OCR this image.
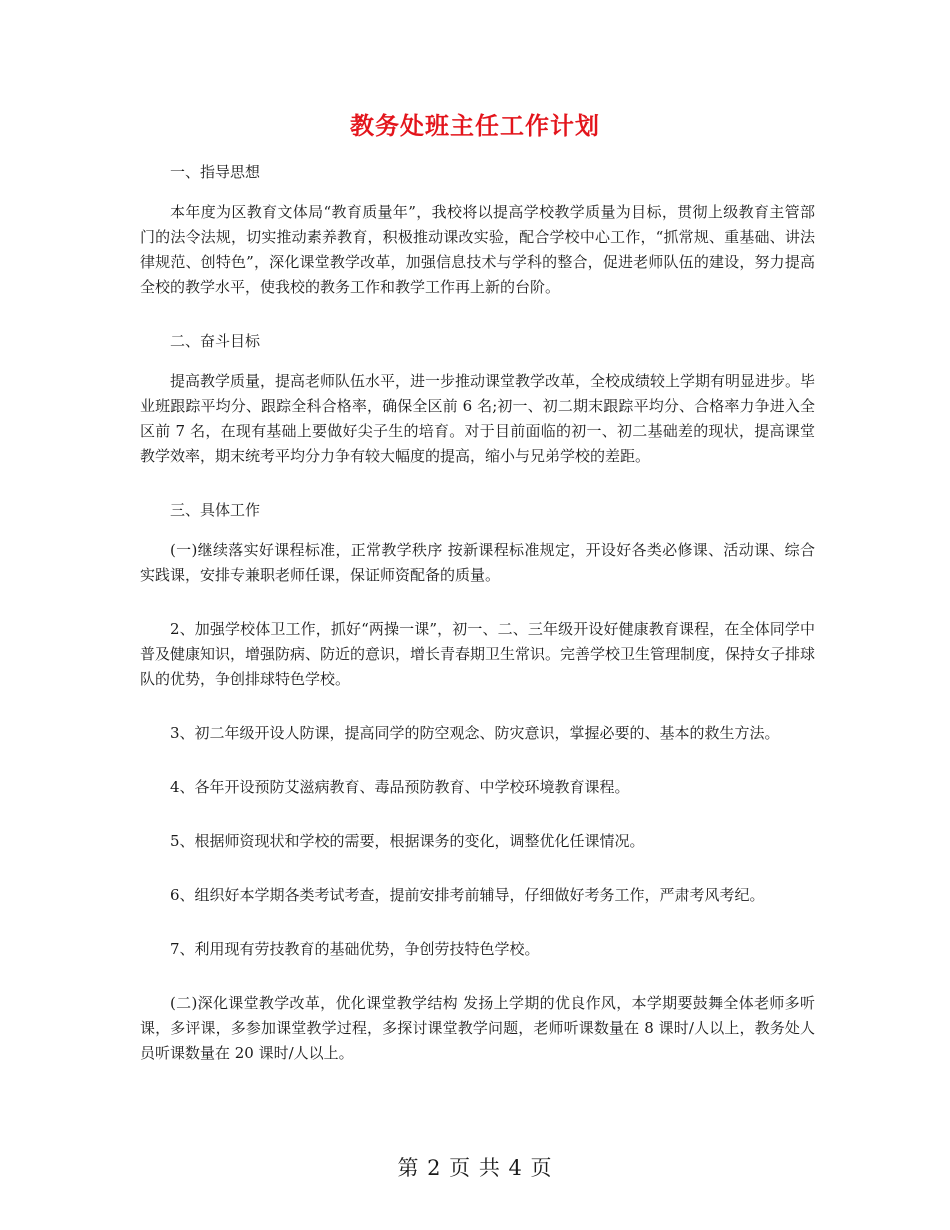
教务处班主任工作计划

一、指导思想

本年度为区教育文体局“教育质量年”，我校将以提高学校教学质量为目标，贯彻上级教育主管部门的法令法规，切实推动素养教育，积极推动课改实验，配合学校中心工作，“抓常规、重基础、讲法律规范、创特色”，深化课堂教学改革，加强信息技术与学科的整合，促进老师队伍的建设，努力提高全校的教学水平，使我校的教务工作和教学工作再上新的台阶。

二、奋斗目标

提高教学质量，提高老师队伍水平，进一步推动课堂教学改革，全校成绩较上学期有明显进步。毕业班跟踪平均分、跟踪全科合格率，确保全区前 6 名;初一、初二期末跟踪平均分、合格率力争进入全区前 7 名，在现有基础上要做好尖子生的培育。对于目前面临的初一、初二基础差的现状，提高课堂教学效率，期末统考平均分力争有较大幅度的提高，缩小与兄弟学校的差距。

三、具体工作

(一)继续落实好课程标准，正常教学秩序 按新课程标准规定，开设好各类必修课、活动课、综合实践课，安排专兼职老师任课，保证师资配备的质量。

2、加强学校体卫工作，抓好“两操一课”，初一、二、三年级开设好健康教育课程，在全体同学中普及健康知识，增强防病、防近的意识，增长青春期卫生常识。完善学校卫生管理制度，保持女子排球队的优势，争创排球特色学校。

3、初二年级开设人防课，提高同学的防空观念、防灾意识，掌握必要的、基本的救生方法。

4、各年开设预防艾滋病教育、毒品预防教育、中学校环境教育课程。

5、根据师资现状和学校的需要，根据课务的变化，调整优化任课情况。

6、组织好本学期各类考试考查，提前安排考前辅导，仔细做好考务工作，严肃考风考纪。

7、利用现有劳技教育的基础优势，争创劳技特色学校。

(二)深化课堂教学改革，优化课堂教学结构 发扬上学期的优良作风，本学期要鼓舞全体老师多听课，多评课，多参加课堂教学过程，多探讨课堂教学问题，老师听课数量在 8 课时/人以上，教务处人员听课数量在 20 课时/人以上。

第 2 页 共 4 页
